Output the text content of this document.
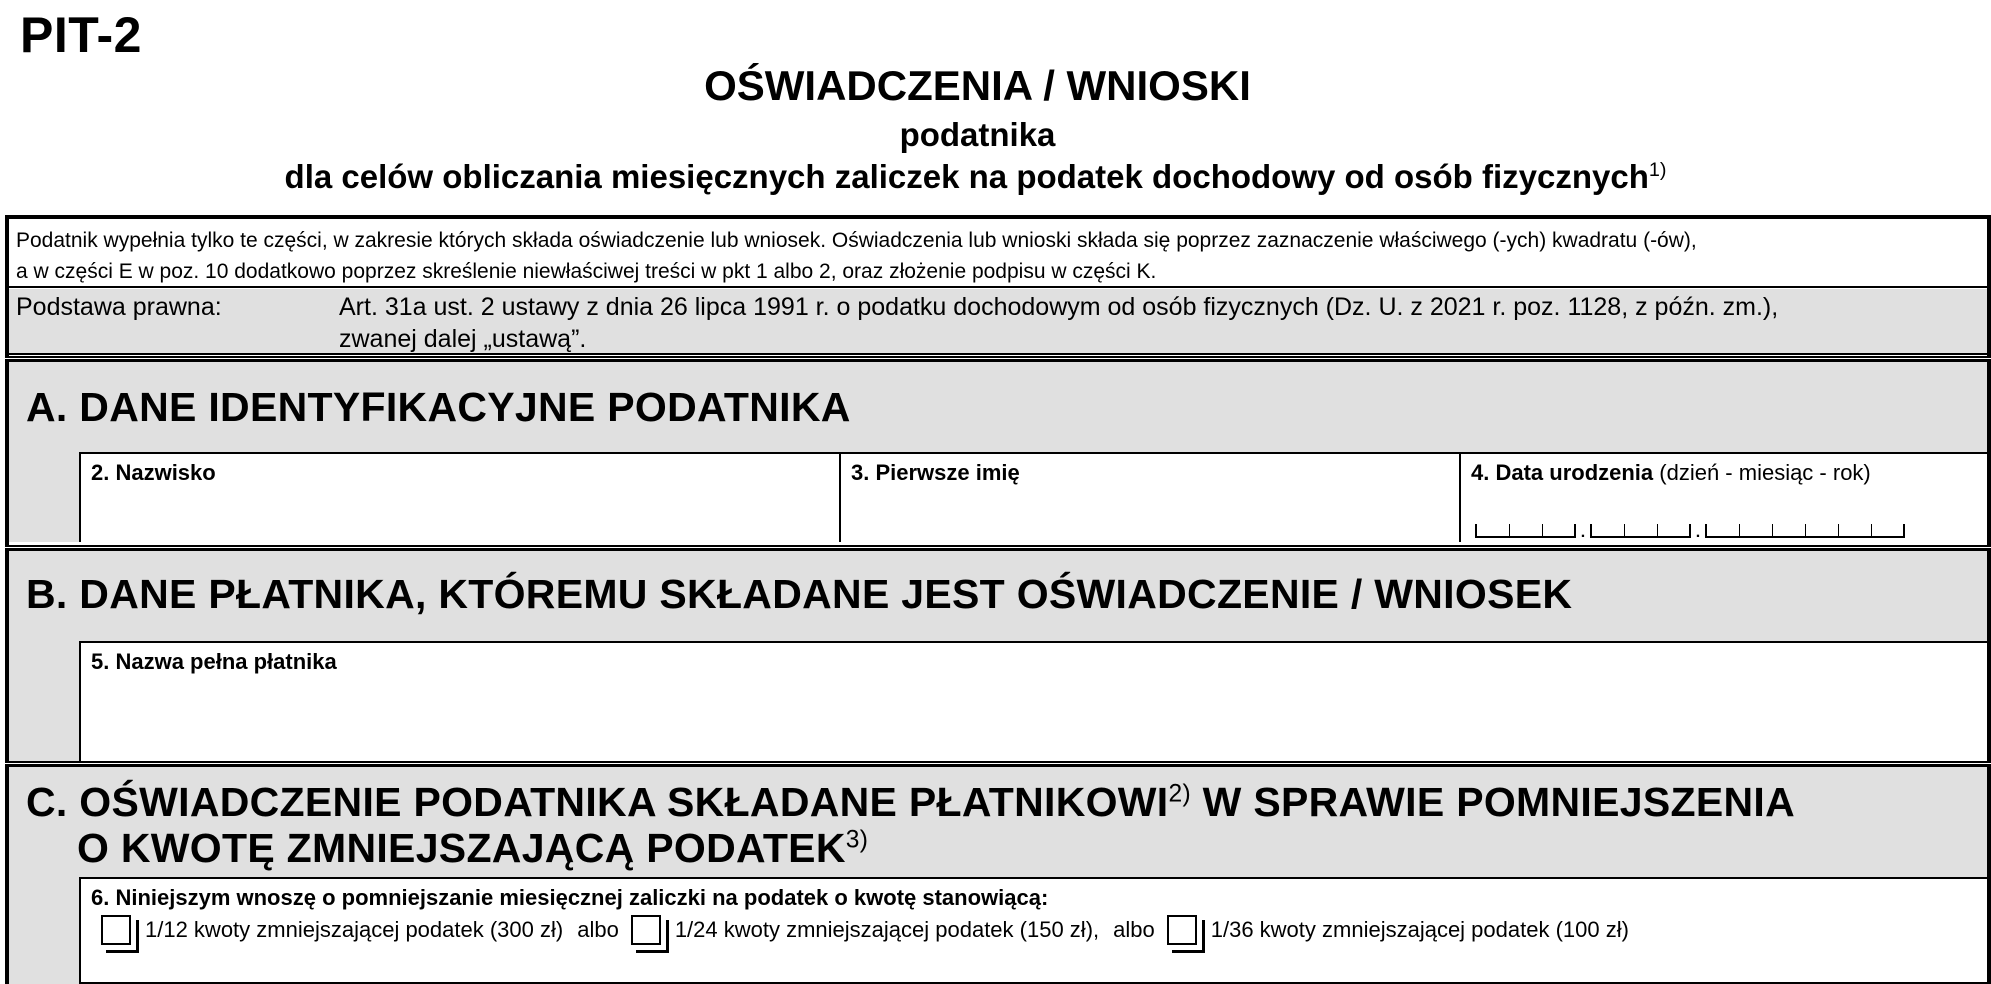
PIT-2
OŚWIADCZENIA / WNIOSKI
podatnika
dla celów obliczania miesięcznych zaliczek na podatek dochodowy od osób fizycznych$^{1)}$
Podatnik wypełnia tylko te części, w zakresie których składa oświadczenie lub wniosek. Oświadczenia lub wnioski składa się poprzez zaznaczenie właściwego (-ych) kwadratu (-ów),
a w części E w poz. 10 dodatkowo poprzez skreślenie niewłaściwej treści w pkt 1 albo 2, oraz złożenie podpisu w części K.
Podstawa prawna:	Art. 31a ust. 2 ustawy z dnia 26 lipca 1991 r. o podatku dochodowym od osób fizycznych (Dz. U. z 2021 r. poz. 1128, z późn. zm.),
zwanej dalej „ustawą”.
A. DANE IDENTYFIKACYJNE PODATNIKA
2. Nazwisko	3. Pierwsze imię	4. Data urodzenia (dzień - miesiąc - rok)
.	.
B. DANE PŁATNIKA, KTÓREMU SKŁADANE JEST OŚWIADCZENIE / WNIOSEK
5. Nazwa pełna płatnika
C. OŚWIADCZENIE PODATNIKA SKŁADANE PŁATNIKOWI$^{2)}$ W SPRAWIE POMNIEJSZENIA
O KWOTĘ ZMNIEJSZAJĄCĄ PODATEK$^{3)}$
6. Niniejszym wnoszę o pomniejszanie miesięcznej zaliczki na podatek o kwotę stanowiącą:
1/12 kwoty zmniejszającej podatek (300 zł) albo	1/24 kwoty zmniejszającej podatek (150 zł), albo	1/36 kwoty zmniejszającej podatek (100 zł)
